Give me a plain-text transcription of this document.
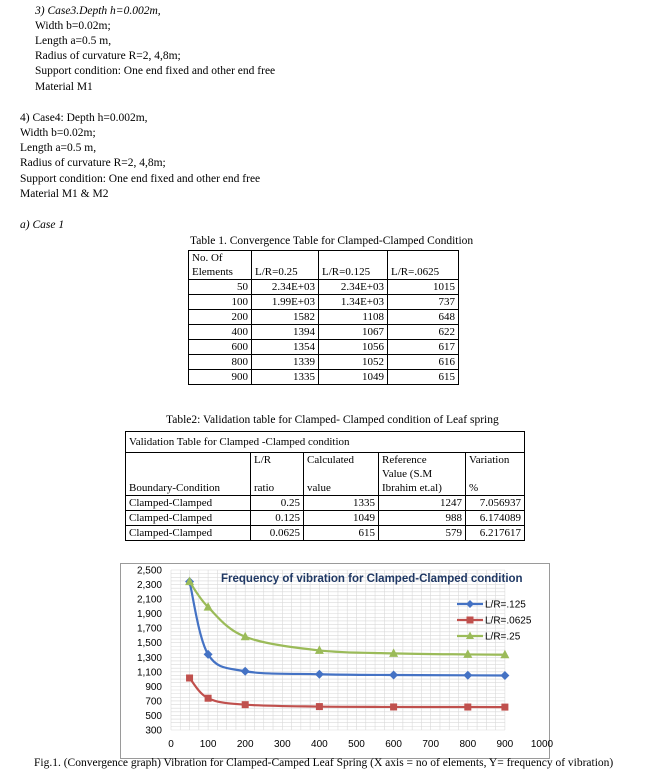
3) Case3.Depth h=0.002m,
Width b=0.02m;
Length a=0.5 m,
Radius of curvature R=2, 4,8m;
Support condition: One end fixed and other end free
Material M1
4) Case4: Depth h=0.002m,
Width b=0.02m;
Length a=0.5 m,
Radius of curvature R=2, 4,8m;
Support condition: One end fixed and other end free
Material M1 & M2
a) Case 1
Table 1. Convergence Table for Clamped-Clamped Condition
No. Of			
Elements	L/R=0.25	L/R=0.125	L/R=.0625
50	2.34E+03	2.34E+03	1015
100	1.99E+03	1.34E+03	737
200	1582	1108	648
400	1394	1067	622
600	1354	1056	617
800	1339	1052	616
900	1335	1049	615
Table2: Validation table for Clamped- Clamped condition of Leaf spring
Validation Table for Clamped -Clamped condition				
	L/R	Calculated	Reference	Variation
			Value (S.M	
Boundary-Condition	ratio	value	Ibrahim et.al)	%
Clamped-Clamped	0.25	1335	1247	7.056937
Clamped-Clamped	0.125	1049	988	6.174089
Clamped-Clamped	0.0625	615	579	6.217617
2,500
2,300
2,100
1,900
1,700
1,500
1,300
1,100
900
700
500
300
0	100 200 300 400 500 600 700 800 900 1000
Frequency of vibration for Clamped-Clamped condition
L/R=.125
L/R=.0625
L/R=.25
Fig.1. (Convergence graph) Vibration for Clamped-Camped Leaf Spring (X axis = no of elements, Y= frequency of vibration)
